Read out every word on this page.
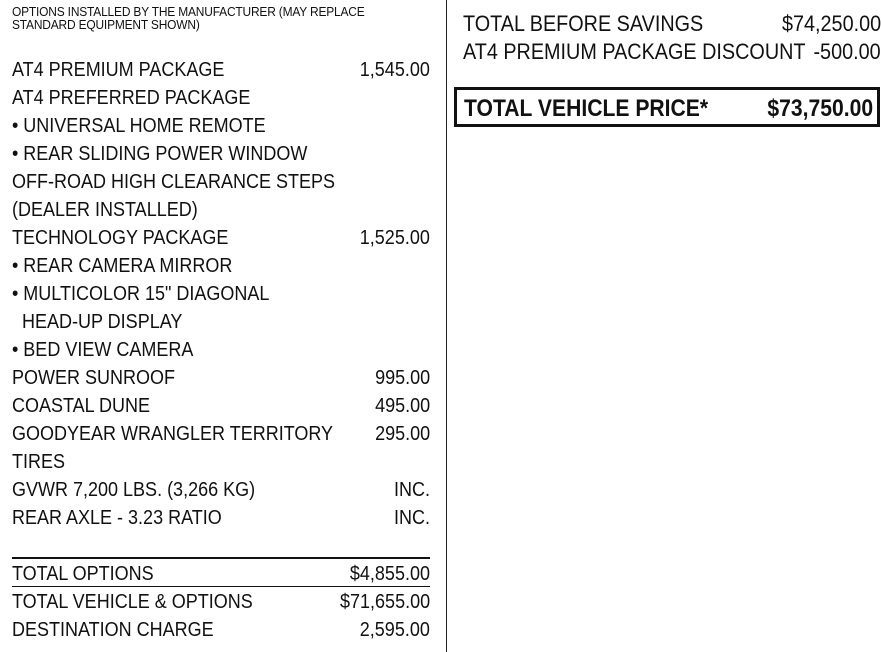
OPTIONS INSTALLED BY THE MANUFACTURER (MAY REPLACE
STANDARD EQUIPMENT SHOWN)
AT4 PREMIUM PACKAGE	1,545.00
AT4 PREFERRED PACKAGE
• UNIVERSAL HOME REMOTE
• REAR SLIDING POWER WINDOW
OFF-ROAD HIGH CLEARANCE STEPS
(DEALER INSTALLED)
TECHNOLOGY PACKAGE	1,525.00
• REAR CAMERA MIRROR
• MULTICOLOR 15" DIAGONAL
HEAD-UP DISPLAY
• BED VIEW CAMERA
POWER SUNROOF	995.00
COASTAL DUNE	495.00
GOODYEAR WRANGLER TERRITORY 295.00
TIRES
GVWR 7,200 LBS. (3,266 KG)	INC.
REAR AXLE - 3.23 RATIO	INC.
TOTAL OPTIONS	$4,855.00
TOTAL VEHICLE & OPTIONS	$71,655.00
DESTINATION CHARGE	2,595.00
TOTAL BEFORE SAVINGS	$74,250.00
AT4 PREMIUM PACKAGE DISCOUNT -500.00
TOTAL VEHICLE PRICE* $73,750.00
